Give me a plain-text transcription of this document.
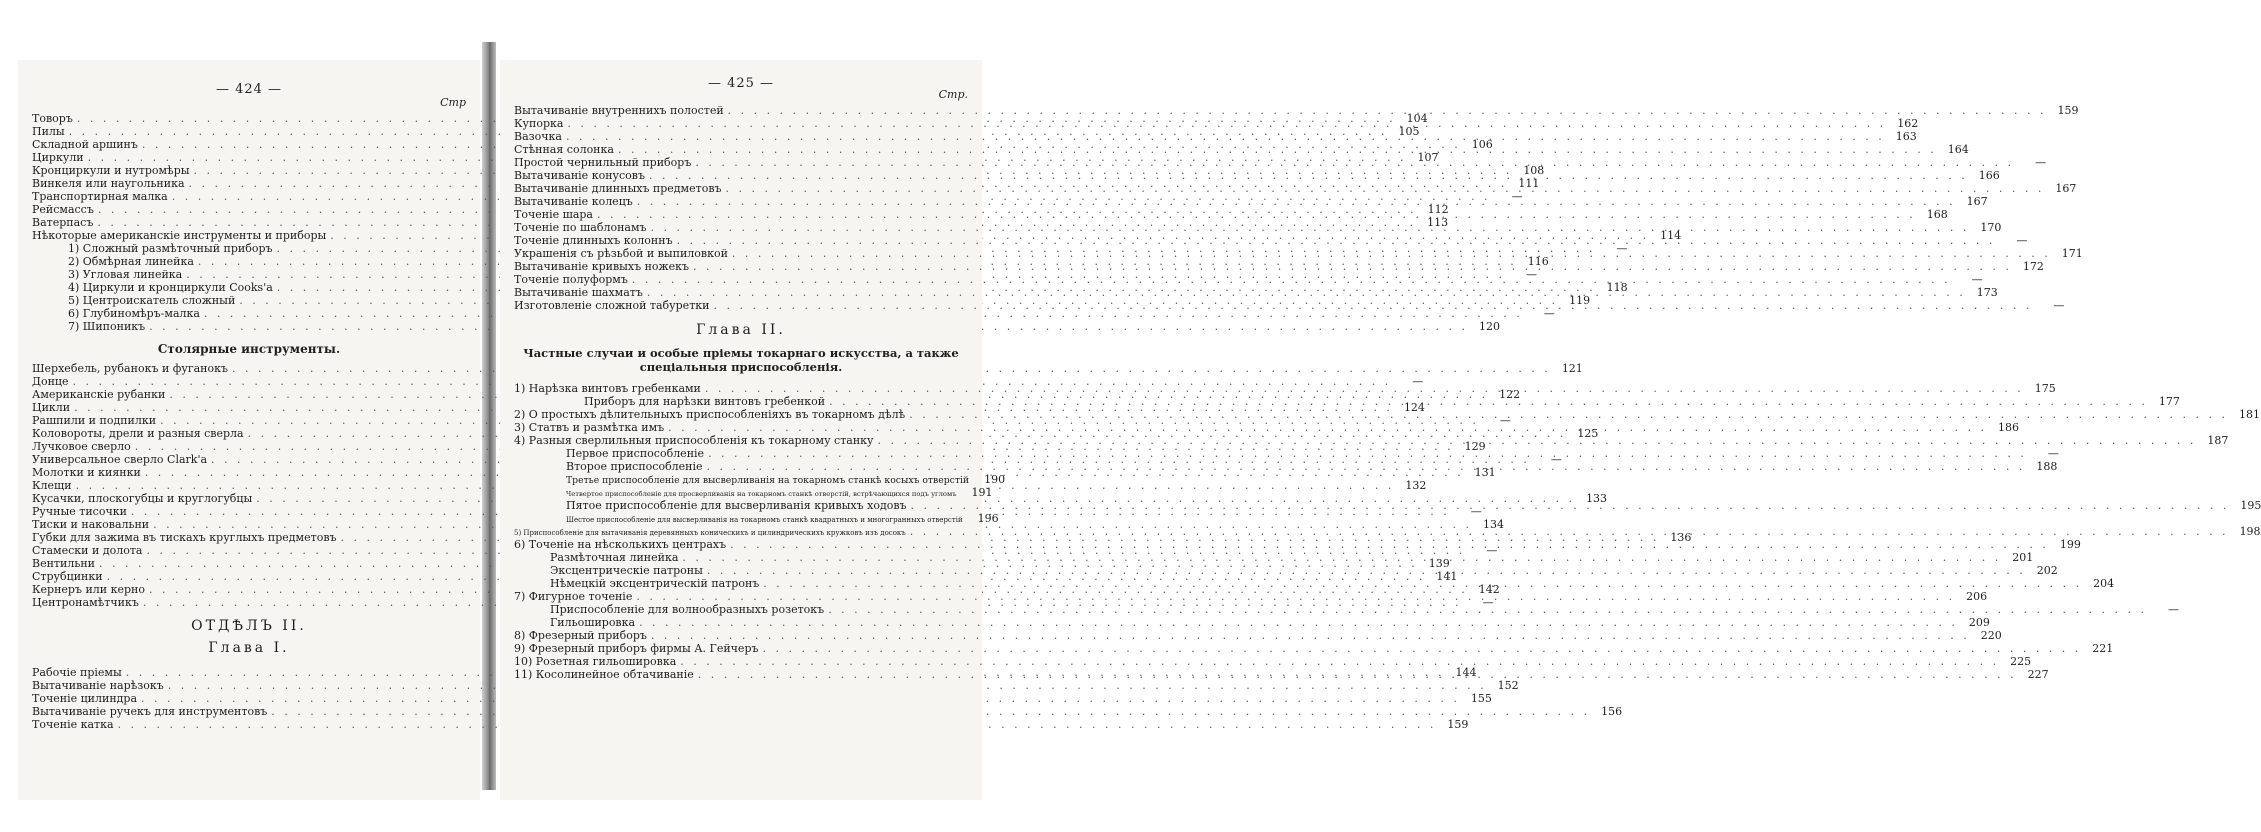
— 424 —
Стр
Товоръ . . .	104
Пилы . . .	105
Складной аршинъ . . .	106
Циркули . . .	107
Кронциркули и нутромѣры . . .	108
Винкеля или наугольника . . .	111
Транспортирная малка . . .	—
Рейсмассъ . . .	112
Ватерпасъ . . .	113
Нѣкоторые американскіе инструменты и приборы . . .	114
1) Сложный размѣточный приборъ . . .	—
2) Обмѣрная линейка . . .	116
3) Угловая линейка . . .	—
4) Циркули и кронциркули Cooks'а . . .	118
5) Центроискатель сложный . . .	119
6) Глубиномѣръ-малка . . .	—
7) Шипоникъ . . .	120
Столярные инструменты.
Шерхебель, рубанокъ и фуганокъ . . .	121
Донце . . .	—
Американскіе рубанки . . .	122
Цикли . . .	124
Рашпили и подпилки . . .	—
Коловороты, дрели и разныя сверла . . .	125
Лучковое сверло . . .	129
Универсальное сверло Clark'а . . .	—
Молотки и киянки . . .	131
Клещи . . .	132
Кусачки, плоскогубцы и круглогубцы . . .	133
Ручные тисочки . . .	—
Тиски и наковальни . . .	134
Губки для зажима въ тискахъ круглыхъ предметовъ . . .	136
Стамески и долота . . .	—
Вентильни . . .	139
Струбцинки . . .	141
Кернеръ или керно . . .	142
Центронамѣтчикъ . . .	—
ОТДѢЛЪ II.
Глава I.
Рабочіе пріемы . . .	144
Вытачиваніе нарѣзокъ . . .	152
Точеніе цилиндра . . .	155
Вытачиваніе ручекъ для инструментовъ . . .	156
Точеніе катка . . .	159
— 425 —
Стр.
Вытачиваніе внутреннихъ полостей . . .	159
Купорка . . .	162
Вазочка . . .	163
Стѣнная солонка . . .	164
Простой чернильный приборъ . . .	—
Вытачиваніе конусовъ . . .	166
Вытачиваніе длинныхъ предметовъ . . .	167
Вытачиваніе колецъ . . .	167
Точеніе шара . . .	168
Точеніе по шаблонамъ . . .	170
Точеніе длинныхъ колоннъ . . .	—
Украшенія съ рѣзьбой и выпиловкой . . .	171
Вытачиваніе кривыхъ ножекъ . . .	172
Точеніе полуформъ . . .	—
Вытачиваніе шахматъ . . .	173
Изготовленіе сложной табуретки . . .	—
Глава II.
Частные случаи и особые пріемы токарнаго искусства, а также спеціальныя приспособленія.
1) Нарѣзка винтовъ гребенками . . .	175
Приборъ для нарѣзки винтовъ гребенкой . . .	177
2) О простыхъ дѣлительныхъ приспособленіяхъ въ токарномъ дѣлѣ . . .	181
3) Статвъ и размѣтка имъ . . .	186
4) Разныя сверлильныя приспособленія къ токарному станку . . .	187
Первое приспособленіе . . .	—
Второе приспособленіе . . .	188
Третье приспособленіе для высверливанія на токарномъ станкѣ косыхъ отверстій	190
Четвертое приспособленіе для просверливанія на токарномъ станкѣ отверстій, встрѣчающихся подъ угломъ	191
Пятое приспособленіе для высверливанія кривыхъ ходовъ . . .	195
Шестое приспособленіе для высверливанія на токарномъ станкѣ квадратныхъ и многогранныхъ отверстій	196
5) Приспособленіе для вытачиванія деревянныхъ коническихъ и цилиндрическихъ кружковъ изъ досокъ . . .	198
6) Точеніе на нѣсколькихъ центрахъ . . .	199
Размѣточная линейка . . .	201
Эксцентрическіе патроны . . .	202
Нѣмецкій эксцентрическій патронъ . . .	204
7) Фигурное точеніе . . .	206
Приспособленіе для волнообразныхъ розетокъ . . .	—
Гильошировка . . .	209
8) Фрезерный приборъ . . .	220
9) Фрезерный приборъ фирмы А. Гейчеръ . . .	221
10) Розетная гильошировка . . .	225
11) Косолинейное обтачиваніе . . .	227
